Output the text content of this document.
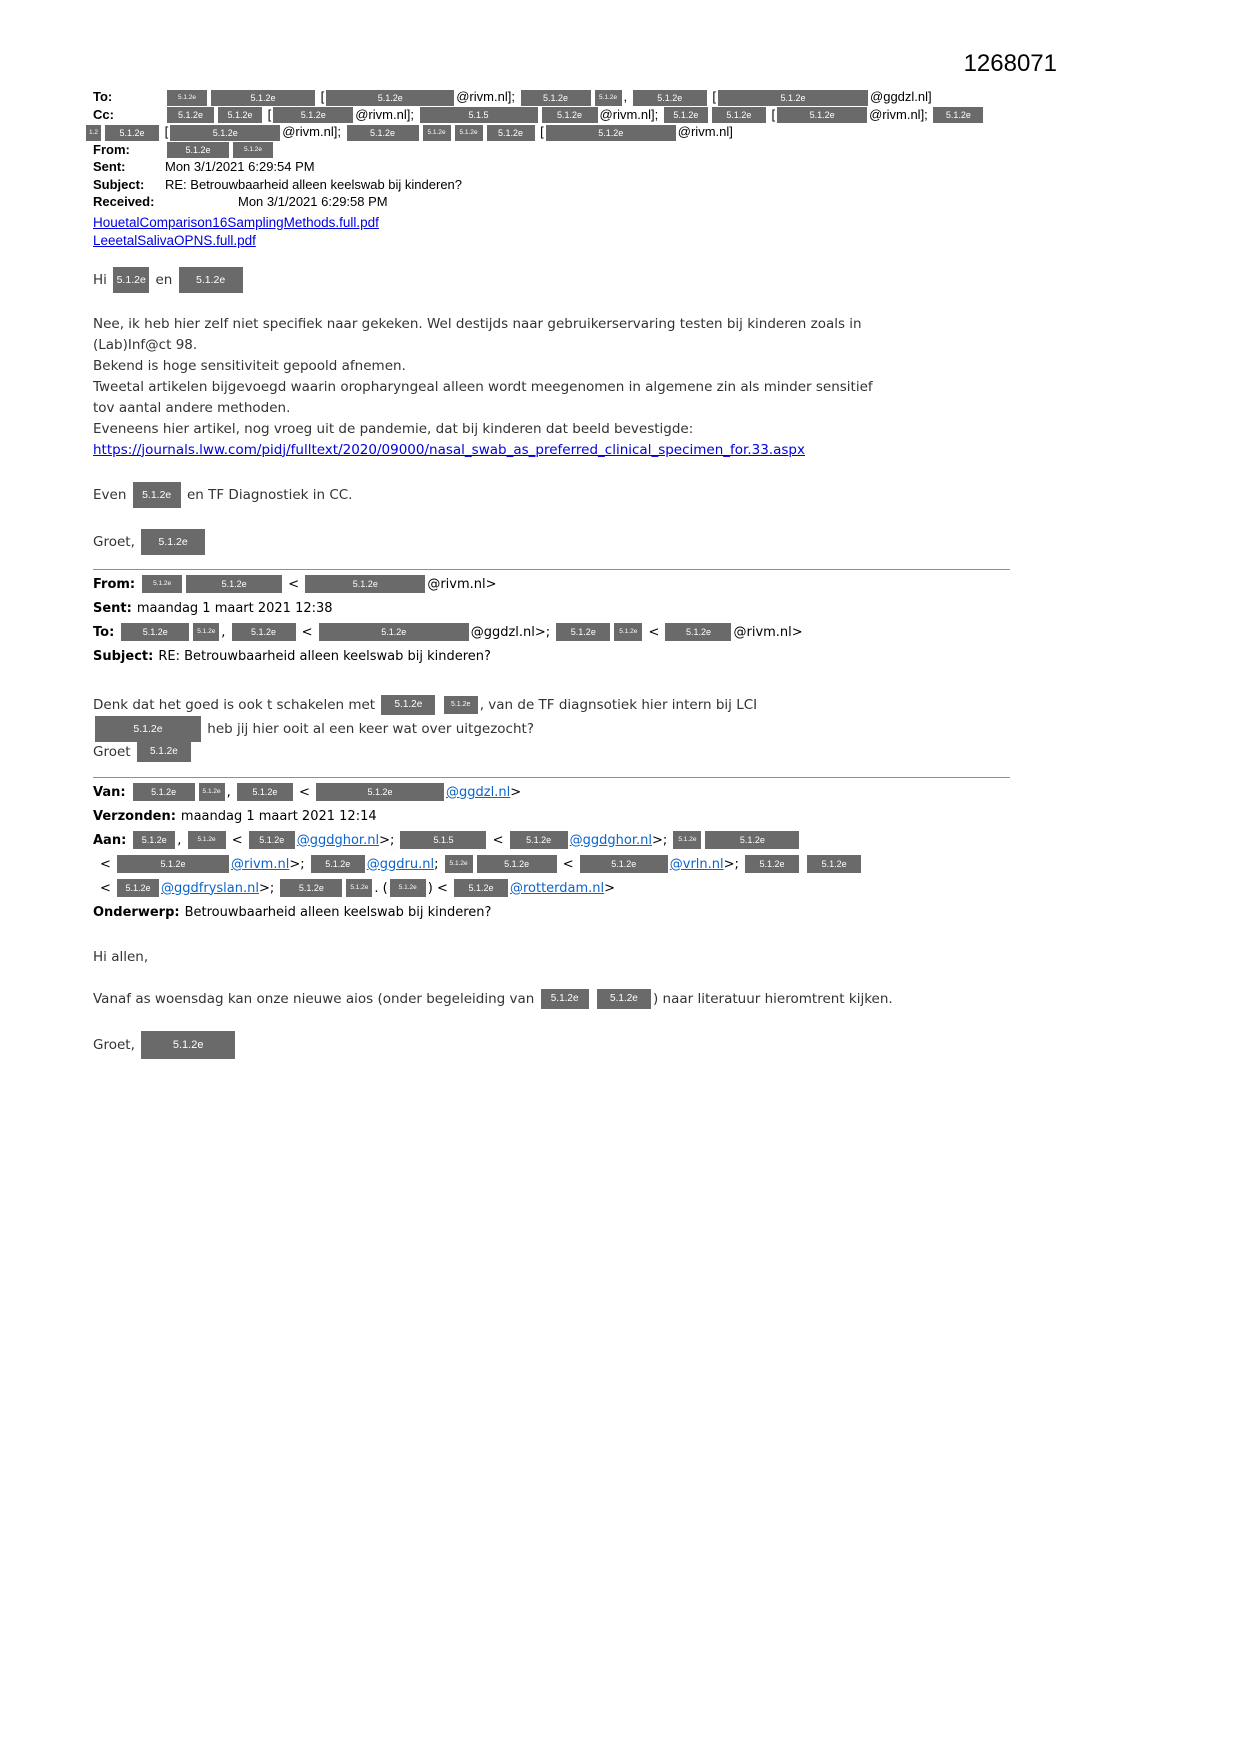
1268071
To:	5.1.2e	5.1.2e	[	5.1.2e	@rivm.nl];	5.1.2e	5.1.2e ,	5.1.2e [	5.1.2e	@ggdzl.nl]
Cc:	5.1.2e	5.1.2e [	5.1.2e @rivm.nl];	5.1.5	5.1.2e @rivm.nl]; 5.1.2e	5.1.2e [	5.1.2e	@rivm.nl]; 5.1.2e
1.2 5.1.2e [	5.1.2e	@rivm.nl];	5.1.2e	5.1.2e 5.1.2e 5.1.2e [	5.1.2e	@rivm.nl]
From:	5.1.2e	5.1.2e
Sent:	Mon 3/1/2021 6:29:54 PM
Subject:	RE: Betrouwbaarheid alleen keelswab bij kinderen?
Received:	Mon 3/1/2021 6:29:58 PM
HouetalComparison16SamplingMethods.full.pdf
LeeetalSalivaOPNS.full.pdf
Hi 5.1.2e en 5.1.2e

Nee, ik heb hier zelf niet specifiek naar gekeken. Wel destijds naar gebruikerservaring testen bij kinderen zoals in
(Lab)Inf@ct 98.
Bekend is hoge sensitiviteit gepoold afnemen.
Tweetal artikelen bijgevoegd waarin oropharyngeal alleen wordt meegenomen in algemene zin als minder sensitief
tov aantal andere methoden.
Eveneens hier artikel, nog vroeg uit de pandemie, dat bij kinderen dat beeld bevestigde:
https://journals.lww.com/pidj/fulltext/2020/09000/nasal_swab_as_preferred_clinical_specimen_for.33.aspx

Even 5.1.2e en TF Diagnostiek in CC.

Groet, 5.1.2e
From:	5.1.2e	5.1.2e	<	5.1.2e	@rivm.nl>
Sent: maandag 1 maart 2021 12:38
To:	5.1.2e	5.1.2e , 5.1.2e <	5.1.2e	@ggdzl.nl>; 5.1.2e	5.1.2e < 5.1.2e @rivm.nl>
Subject: RE: Betrouwbaarheid alleen keelswab bij kinderen?
Denk dat het goed is ook t schakelen met 5.1.2e	5.1.2e , van de TF diagnsotiek hier intern bij LCI
5.1.2e	heb jij hier ooit al een keer wat over uitgezocht?
Groet 5.1.2e
Van:	5.1.2e	5.1.2e , 5.1.2e <	5.1.2e	@ggdzl.nl>
Verzonden: maandag 1 maart 2021 12:14
Aan: 5.1.2e , 5.1.2e < 5.1.2e @ggdghor.nl>;	5.1.5	< 5.1.2e @ggdghor.nl>; 5.1.2e	5.1.2e
<	5.1.2e	@rivm.nl>; 5.1.2e @ggdru.nl; 5.1.2e	5.1.2e <	5.1.2e	@vrln.nl>; 5.1.2e	5.1.2e
< 5.1.2e @ggdfryslan.nl>; 5.1.2e	5.1.2e . ( 5.1.2e ) < 5.1.2e @rotterdam.nl>
Onderwerp: Betrouwbaarheid alleen keelswab bij kinderen?
Hi allen,

Vanaf as woensdag kan onze nieuwe aios (onder begeleiding van 5.1.2e	5.1.2e ) naar literatuur hieromtrent kijken.

Groet,	5.1.2e
